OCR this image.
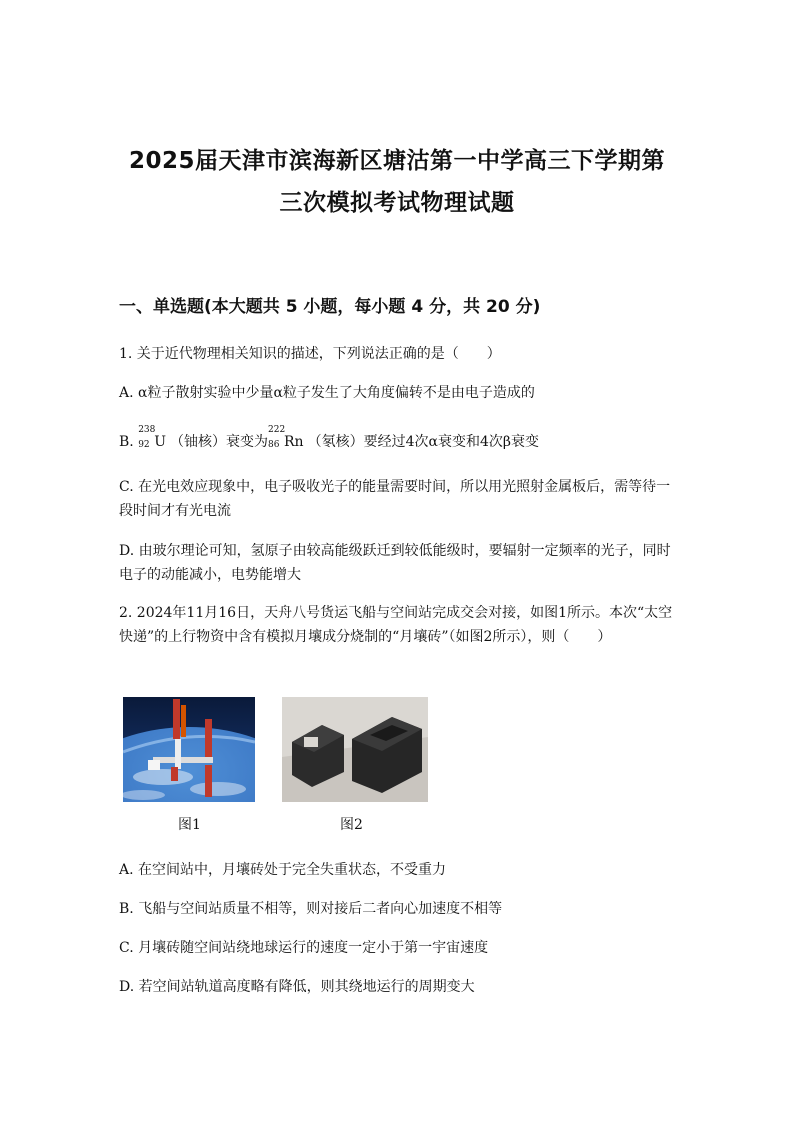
2025届天津市滨海新区塘沽第一中学高三下学期第
三次模拟考试物理试题
一、单选题(本大题共 5 小题，每小题 4 分，共 20 分)
1. 关于近代物理相关知识的描述，下列说法正确的是（　　）
A. α粒子散射实验中少量α粒子发生了大角度偏转不是由电子造成的
B.
238
92 U （铀核）衰变为
222
86 Rn （氡核）要经过4次α衰变和4次β衰变
C. 在光电效应现象中，电子吸收光子的能量需要时间，所以用光照射金属板后，需等待一段时间才有光电流
D. 由玻尔理论可知，氢原子由较高能级跃迁到较低能级时，要辐射一定频率的光子，同时电子的动能减小，电势能增大
2. 2024年11月16日，天舟八号货运飞船与空间站完成交会对接，如图1所示。本次“太空快递”的上行物资中含有模拟月壤成分烧制的“月壤砖”（如图2所示），则（　　）
图1	图2
A. 在空间站中，月壤砖处于完全失重状态，不受重力
B. 飞船与空间站质量不相等，则对接后二者向心加速度不相等
C. 月壤砖随空间站绕地球运行的速度一定小于第一宇宙速度
D. 若空间站轨道高度略有降低，则其绕地运行的周期变大
